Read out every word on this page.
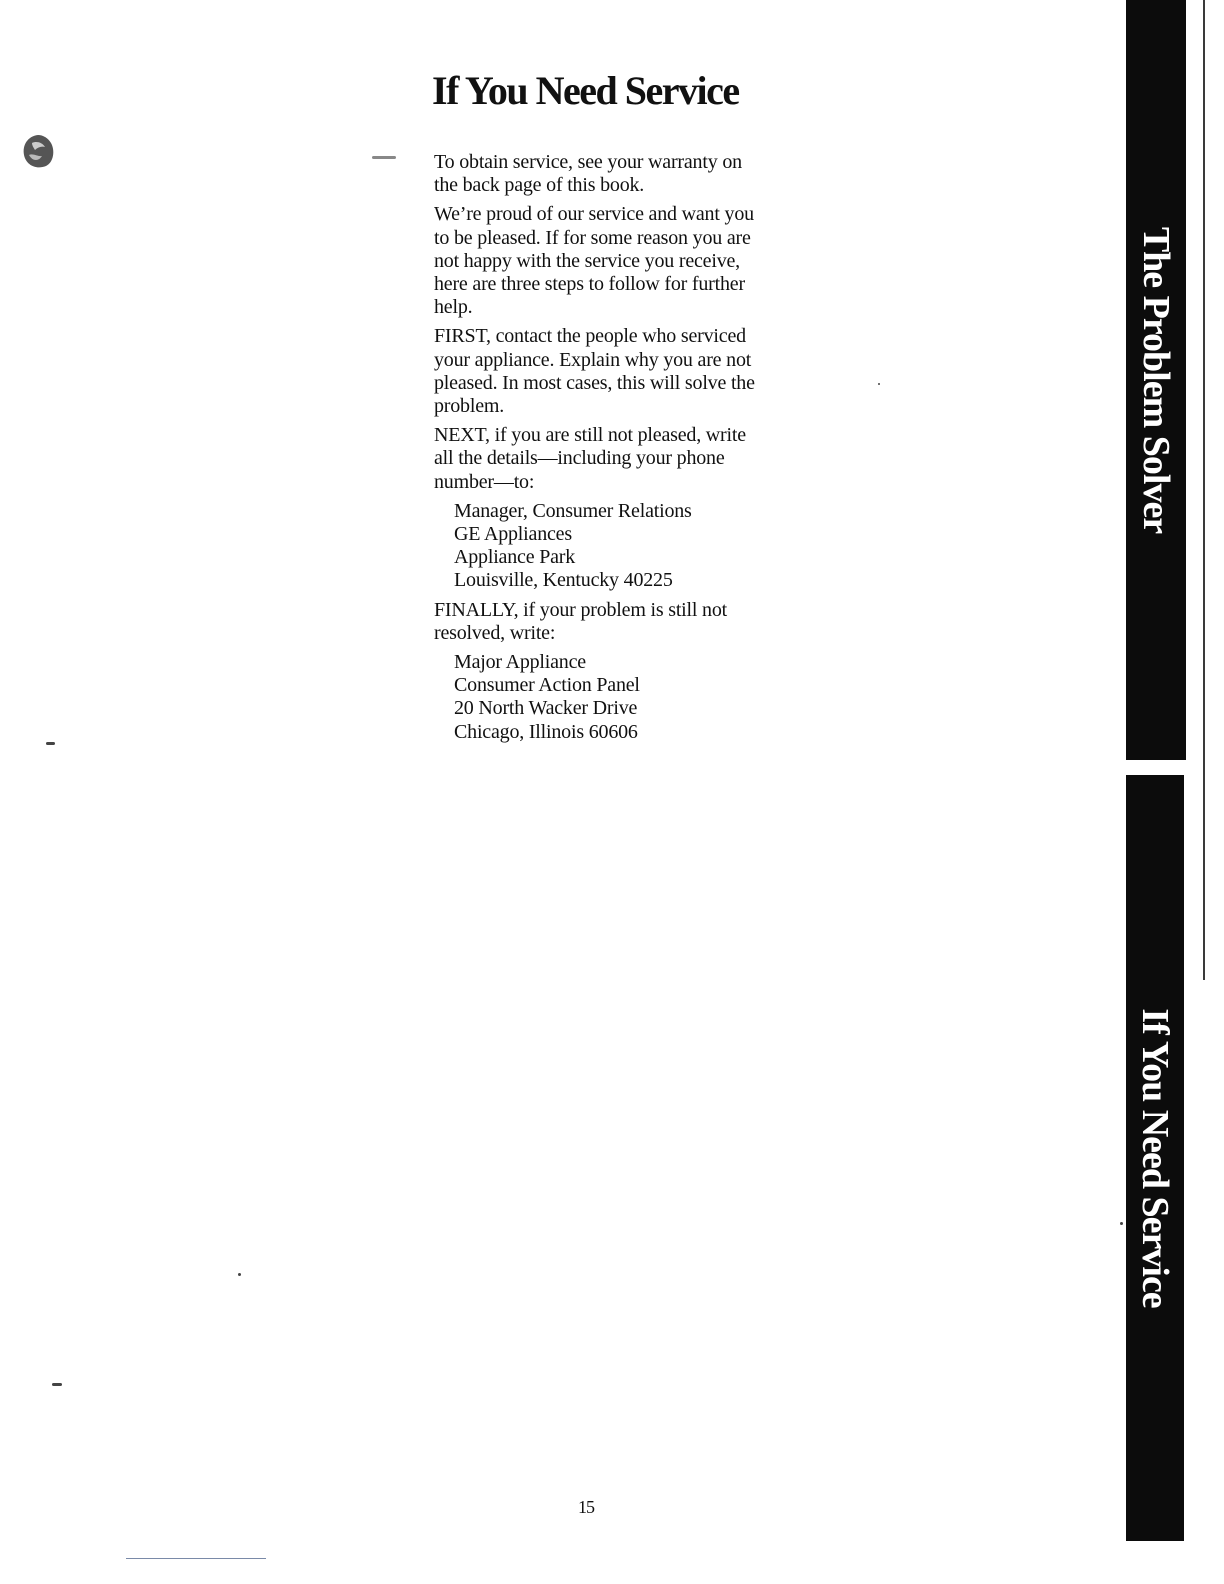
If You Need Service

To obtain service, see your warranty on the back page of this book.

We’re proud of our service and want you to be pleased. If for some reason you are not happy with the service you receive, here are three steps to follow for further help.

FIRST, contact the people who serviced your appliance. Explain why you are not pleased. In most cases, this will solve the problem.

NEXT, if you are still not pleased, write all the details—including your phone number—to:

Manager, Consumer Relations
GE Appliances
Appliance Park
Louisville, Kentucky 40225

FINALLY, if your problem is still not resolved, write:

Major Appliance
Consumer Action Panel
20 North Wacker Drive
Chicago, Illinois 60606
The Problem Solver
If You Need Service
15
